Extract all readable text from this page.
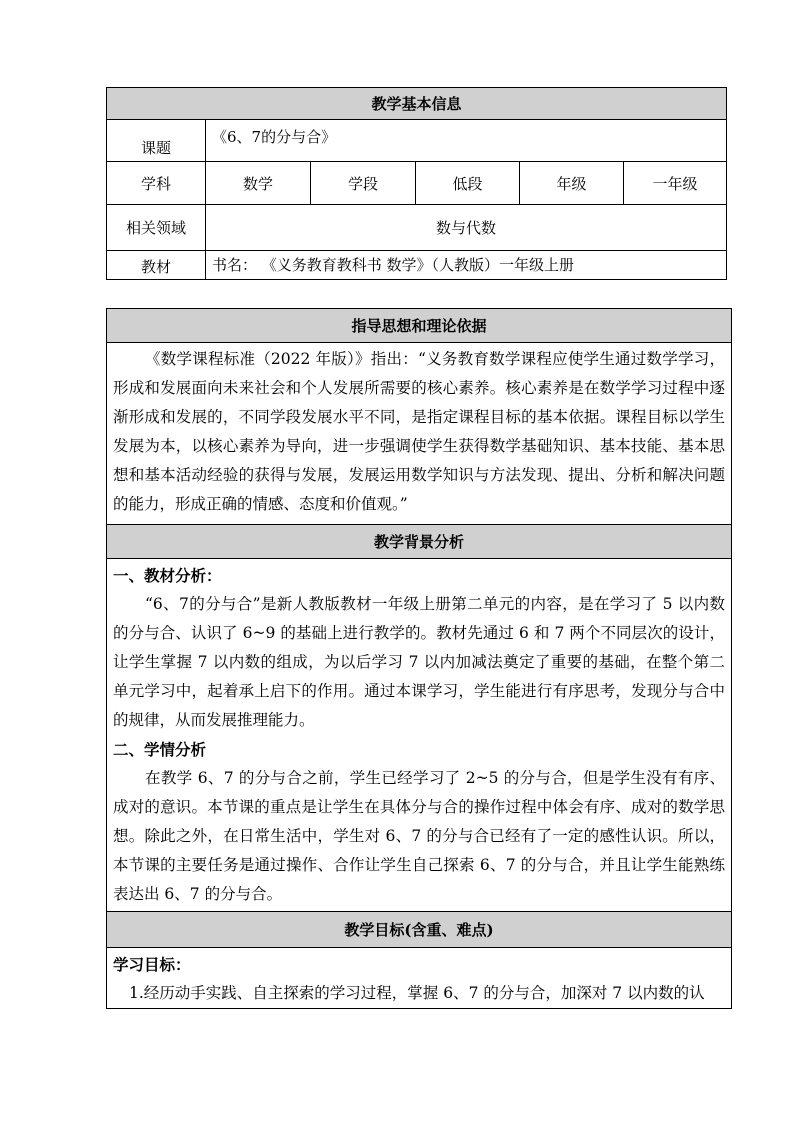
教学基本信息					
课题	《6、7的分与合》				
学科	数学	学段	低段	年级	一年级
相关领域	数与代数				
教材	书名： 《义务教育教科书 数学》（人教版）一年级上册				
指导思想和理论依据

《数学课程标准（2022 年版）》指出：“义务教育数学课程应使学生通过数学学习，形成和发展面向未来社会和个人发展所需要的核心素养。核心素养是在数学学习过程中逐渐形成和发展的，不同学段发展水平不同，是指定课程目标的基本依据。课程目标以学生发展为本，以核心素养为导向，进一步强调使学生获得数学基础知识、基本技能、基本思想和基本活动经验的获得与发展，发展运用数学知识与方法发现、提出、分析和解决问题的能力，形成正确的情感、态度和价值观。”

教学背景分析

一、教材分析：

“6、7的分与合”是新人教版教材一年级上册第二单元的内容，是在学习了 5 以内数的分与合、认识了 6~9 的基础上进行教学的。教材先通过 6 和 7 两个不同层次的设计，让学生掌握 7 以内数的组成，为以后学习 7 以内加减法奠定了重要的基础，在整个第二单元学习中，起着承上启下的作用。通过本课学习，学生能进行有序思考，发现分与合中的规律，从而发展推理能力。

二、学情分析

在教学 6、7 的分与合之前，学生已经学习了 2~5 的分与合，但是学生没有有序、成对的意识。本节课的重点是让学生在具体分与合的操作过程中体会有序、成对的数学思想。除此之外，在日常生活中，学生对 6、7 的分与合已经有了一定的感性认识。所以，本节课的主要任务是通过操作、合作让学生自己探索 6、7 的分与合，并且让学生能熟练表达出 6、7 的分与合。

教学目标(含重、难点)

学习目标：

1.经历动手实践、自主探索的学习过程，掌握 6、7 的分与合，加深对 7 以内数的认
